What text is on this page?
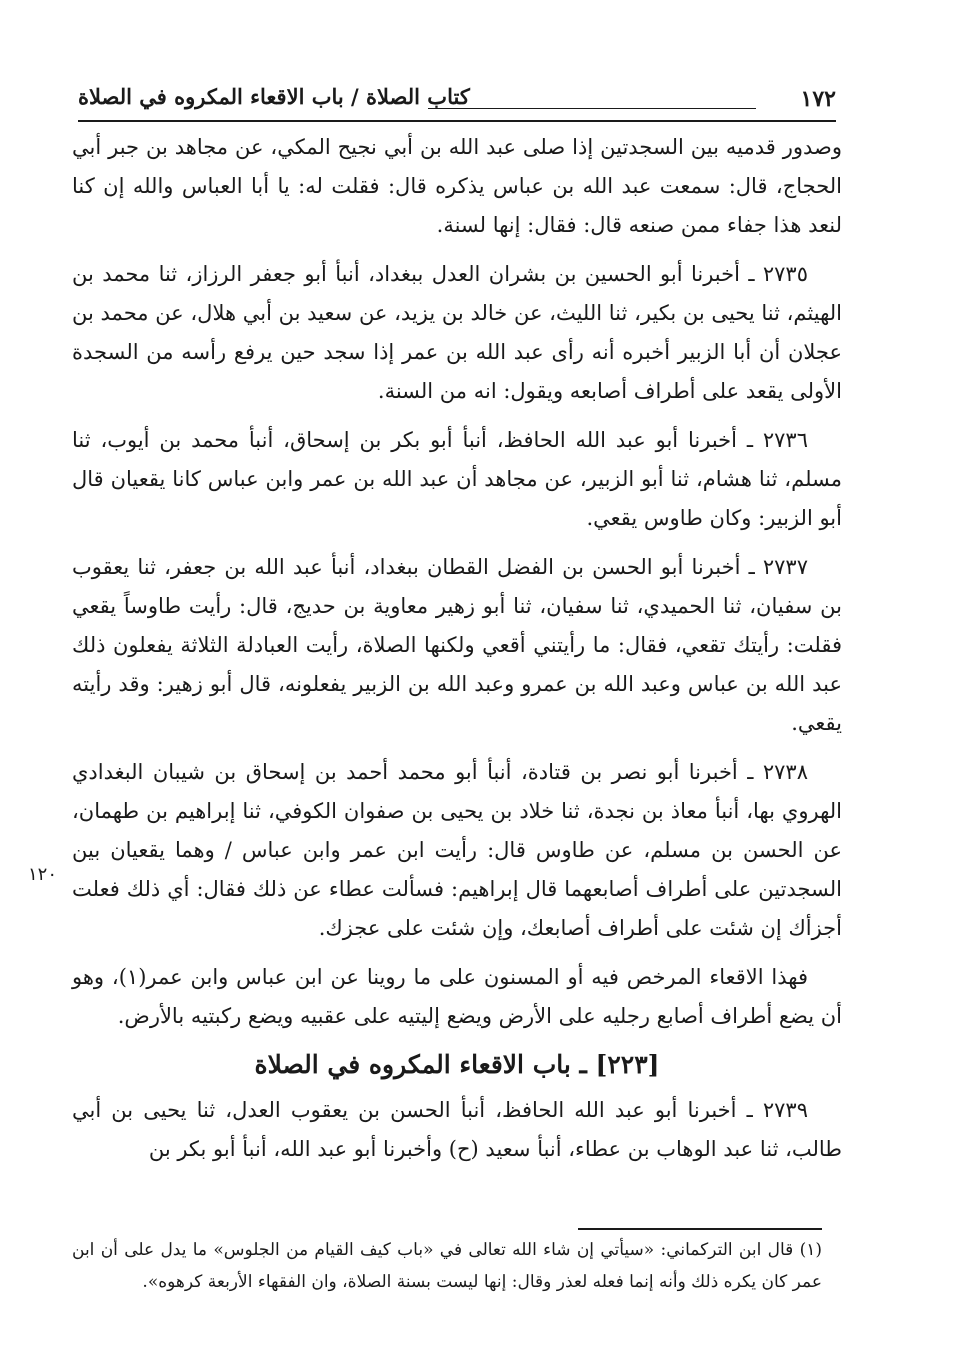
١٧٢
كتاب الصلاة / باب الاقعاء المكروه في الصلاة
١٢٠

وصدور قدميه بين السجدتين إذا صلى عبد الله بن أبي نجيح المكي، عن مجاهد بن جبر أبي الحجاج، قال: سمعت عبد الله بن عباس يذكره قال: فقلت له: يا أبا العباس والله إن كنا لنعد هذا جفاء ممن صنعه قال: فقال: إنها لسنة.

٢٧٣٥ ـ أخبرنا أبو الحسين بن بشران العدل ببغداد، أنبأ أبو جعفر الرزاز، ثنا محمد بن الهيثم، ثنا يحيى بن بكير، ثنا الليث، عن خالد بن يزيد، عن سعيد بن أبي هلال، عن محمد بن عجلان أن أبا الزبير أخبره أنه رأى عبد الله بن عمر إذا سجد حين يرفع رأسه من السجدة الأولى يقعد على أطراف أصابعه ويقول: انه من السنة.

٢٧٣٦ ـ أخبرنا أبو عبد الله الحافظ، أنبأ أبو بكر بن إسحاق، أنبأ محمد بن أيوب، ثنا مسلم، ثنا هشام، ثنا أبو الزبير، عن مجاهد أن عبد الله بن عمر وابن عباس كانا يقعيان قال أبو الزبير: وكان طاوس يقعي.

٢٧٣٧ ـ أخبرنا أبو الحسن بن الفضل القطان ببغداد، أنبأ عبد الله بن جعفر، ثنا يعقوب بن سفيان، ثنا الحميدي، ثنا سفيان، ثنا أبو زهير معاوية بن حديج، قال: رأيت طاوساً يقعي فقلت: رأيتك تقعي، فقال: ما رأيتني أقعي ولكنها الصلاة، رأيت العبادلة الثلاثة يفعلون ذلك عبد الله بن عباس وعبد الله بن عمرو وعبد الله بن الزبير يفعلونه، قال أبو زهير: وقد رأيته يقعي.

٢٧٣٨ ـ أخبرنا أبو نصر بن قتادة، أنبأ أبو محمد أحمد بن إسحاق بن شيبان البغدادي الهروي بها، أنبأ معاذ بن نجدة، ثنا خلاد بن يحيى بن صفوان الكوفي، ثنا إبراهيم بن طهمان، عن الحسن بن مسلم، عن طاوس قال: رأيت ابن عمر وابن عباس / وهما يقعيان بين السجدتين على أطراف أصابعهما قال إبراهيم: فسألت عطاء عن ذلك فقال: أي ذلك فعلت أجزأك إن شئت على أطراف أصابعك، وإن شئت على عجزك.

فهذا الاقعاء المرخص فيه أو المسنون على ما روينا عن ابن عباس وابن عمر(١)، وهو أن يضع أطراف أصابع رجليه على الأرض ويضع إليتيه على عقبيه ويضع ركبتيه بالأرض.

[٢٢٣] ـ باب الاقعاء المكروه في الصلاة

٢٧٣٩ ـ أخبرنا أبو عبد الله الحافظ، أنبأ الحسن بن يعقوب العدل، ثنا يحيى بن أبي طالب، ثنا عبد الوهاب بن عطاء، أنبأ سعيد (ح) وأخبرنا أبو عبد الله، أنبأ أبو بكر بن

(١) قال ابن التركماني: «سيأتي إن شاء الله تعالى في «باب كيف القيام من الجلوس» ما يدل على أن ابن عمر كان يكره ذلك وأنه إنما فعله لعذر وقال: إنها ليست بسنة الصلاة، وان الفقهاء الأربعة كرهوه».
